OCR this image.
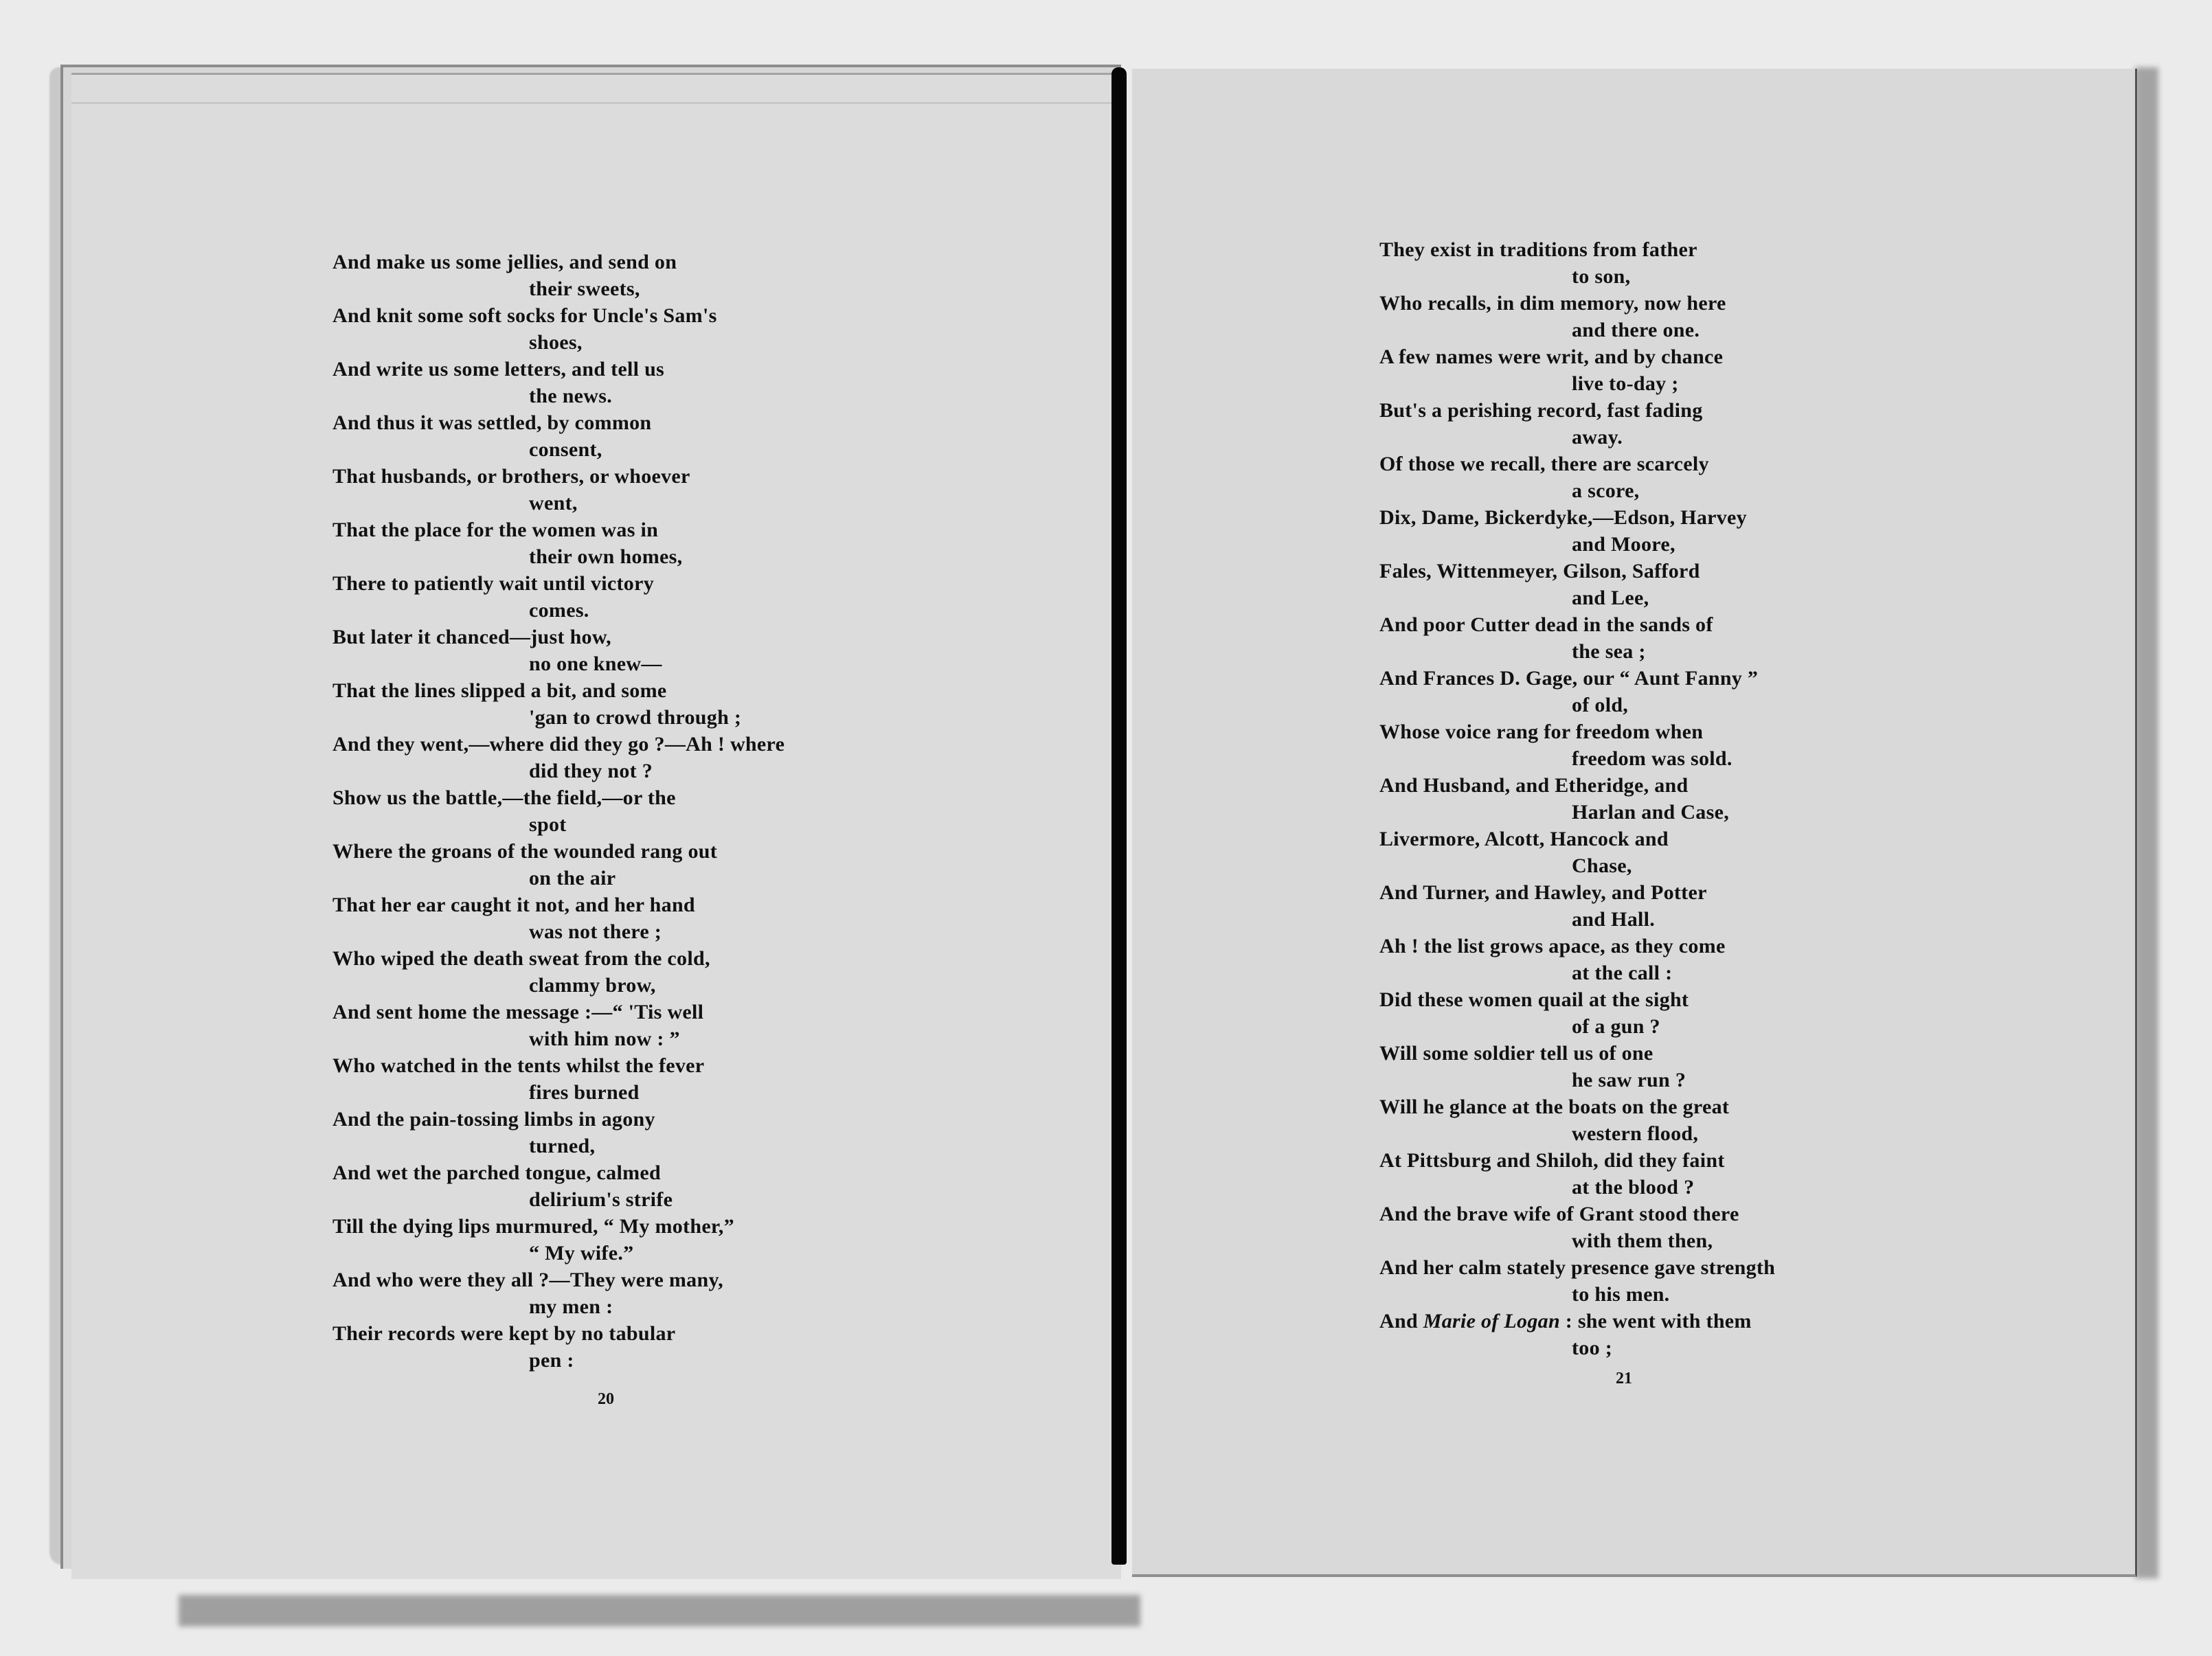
And make us some jellies, and send on
their sweets,
And knit some soft socks for Uncle's Sam's
shoes,
And write us some letters, and tell us
the news.
And thus it was settled, by common
consent,
That husbands, or brothers, or whoever
went,
That the place for the women was in
their own homes,
There to patiently wait until victory
comes.
But later it chanced—just how,
no one knew—
That the lines slipped a bit, and some
'gan to crowd through ;
And they went,—where did they go ?—Ah ! where
did they not ?
Show us the battle,—the field,—or the
spot
Where the groans of the wounded rang out
on the air
That her ear caught it not, and her hand
was not there ;
Who wiped the death sweat from the cold,
clammy brow,
And sent home the message :—“ 'Tis well
with him now : ”
Who watched in the tents whilst the fever
fires burned
And the pain-tossing limbs in agony
turned,
And wet the parched tongue, calmed
delirium's strife
Till the dying lips murmured, “ My mother,”
“ My wife.”
And who were they all ?—They were many,
my men :
Their records were kept by no tabular
pen :
20
They exist in traditions from father
to son,
Who recalls, in dim memory, now here
and there one.
A few names were writ, and by chance
live to-day ;
But's a perishing record, fast fading
away.
Of those we recall, there are scarcely
a score,
Dix, Dame, Bickerdyke,—Edson, Harvey
and Moore,
Fales, Wittenmeyer, Gilson, Safford
and Lee,
And poor Cutter dead in the sands of
the sea ;
And Frances D. Gage, our “ Aunt Fanny ”
of old,
Whose voice rang for freedom when
freedom was sold.
And Husband, and Etheridge, and
Harlan and Case,
Livermore, Alcott, Hancock and
Chase,
And Turner, and Hawley, and Potter
and Hall.
Ah ! the list grows apace, as they come
at the call :
Did these women quail at the sight
of a gun ?
Will some soldier tell us of one
he saw run ?
Will he glance at the boats on the great
western flood,
At Pittsburg and Shiloh, did they faint
at the blood ?
And the brave wife of Grant stood there
with them then,
And her calm stately presence gave strength
to his men.
And Marie of Logan : she went with them
too ;
21
